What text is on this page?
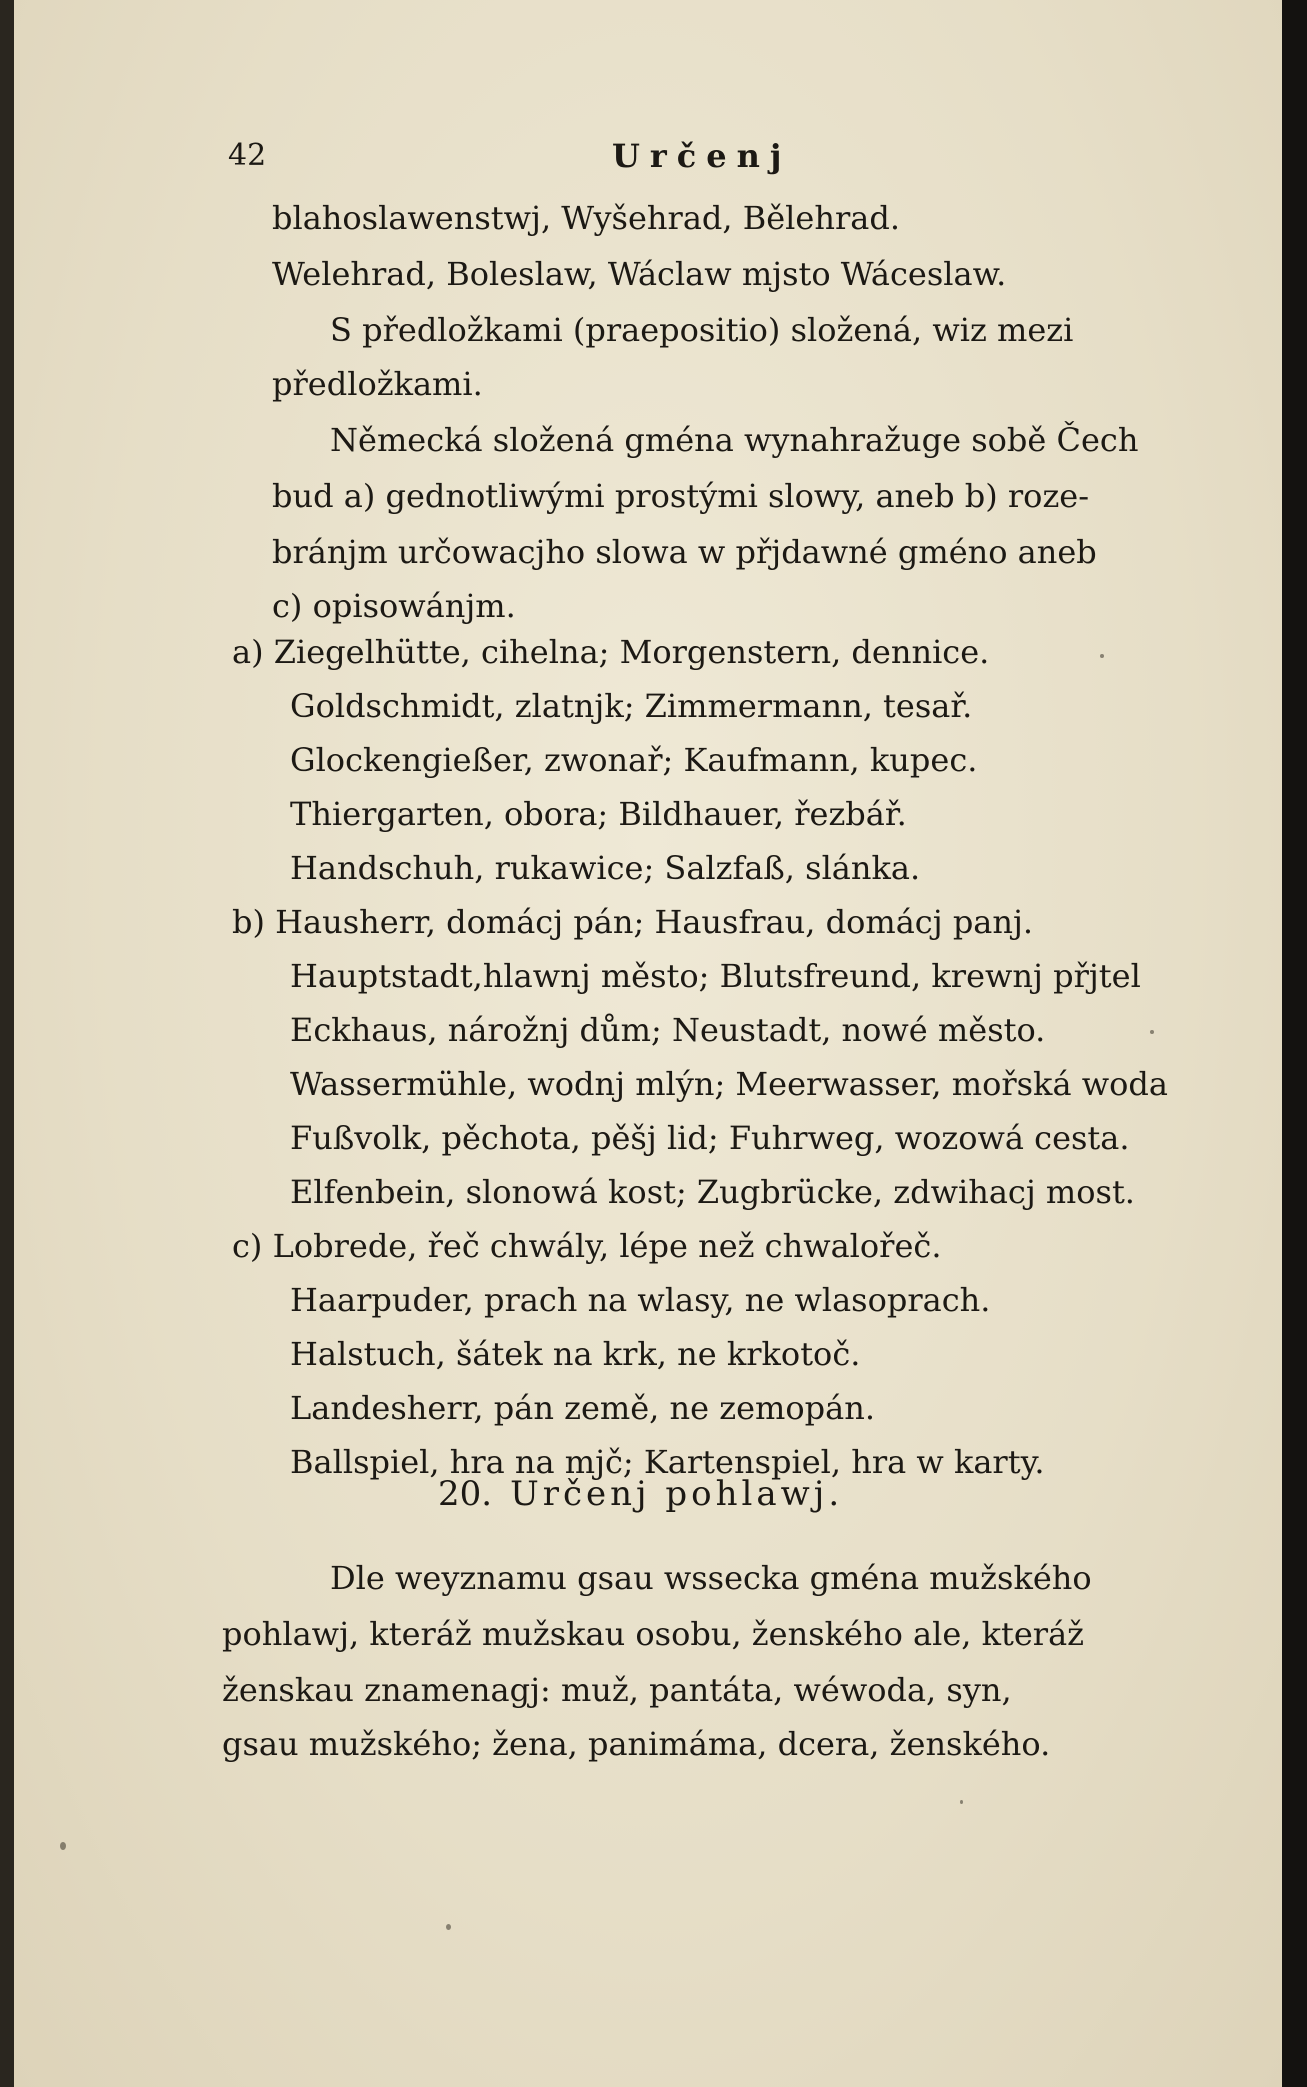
42	Určenj
blahoslawenstwj, Wyšehrad, Bělehrad.
Welehrad, Boleslaw, Wáclaw mjsto Wáceslaw.
S předložkami (praepositio) složená, wiz mezi
předložkami.
Německá složená gména wynahražuge sobě Čech
bud a) gednotliwými prostými slowy, aneb b) roze-
bránjm určowacjho slowa w přjdawné gméno aneb
c) opisowánjm.
a) Ziegelhütte, cihelna; Morgenstern, dennice.
Goldschmidt, zlatnjk; Zimmermann, tesař.
Glockengießer, zwonař; Kaufmann, kupec.
Thiergarten, obora; Bildhauer, řezbář.
Handschuh, rukawice; Salzfaß, slánka.
b) Hausherr, domácj pán; Hausfrau, domácj panj.
Hauptstadt,hlawnj město; Blutsfreund, krewnj přjtel
Eckhaus, nárožnj dům; Neustadt, nowé město.
Wassermühle, wodnj mlýn; Meerwasser, mořská woda
Fußvolk, pěchota, pěšj lid; Fuhrweg, wozowá cesta.
Elfenbein, slonowá kost; Zugbrücke, zdwihacj most.
c) Lobrede, řeč chwály, lépe než chwalořeč.
Haarpuder, prach na wlasy, ne wlasoprach.
Halstuch, šátek na krk, ne krkotoč.
Landesherr, pán země, ne zemopán.
Ballspiel, hra na mjč; Kartenspiel, hra w karty.
20. Určenj pohlawj.
Dle weyznamu gsau wssecka gména mužského
pohlawj, kteráž mužskau osobu, ženského ale, kteráž
ženskau znamenagj: muž, pantáta, wéwoda, syn,
gsau mužského; žena, panimáma, dcera, ženského.
